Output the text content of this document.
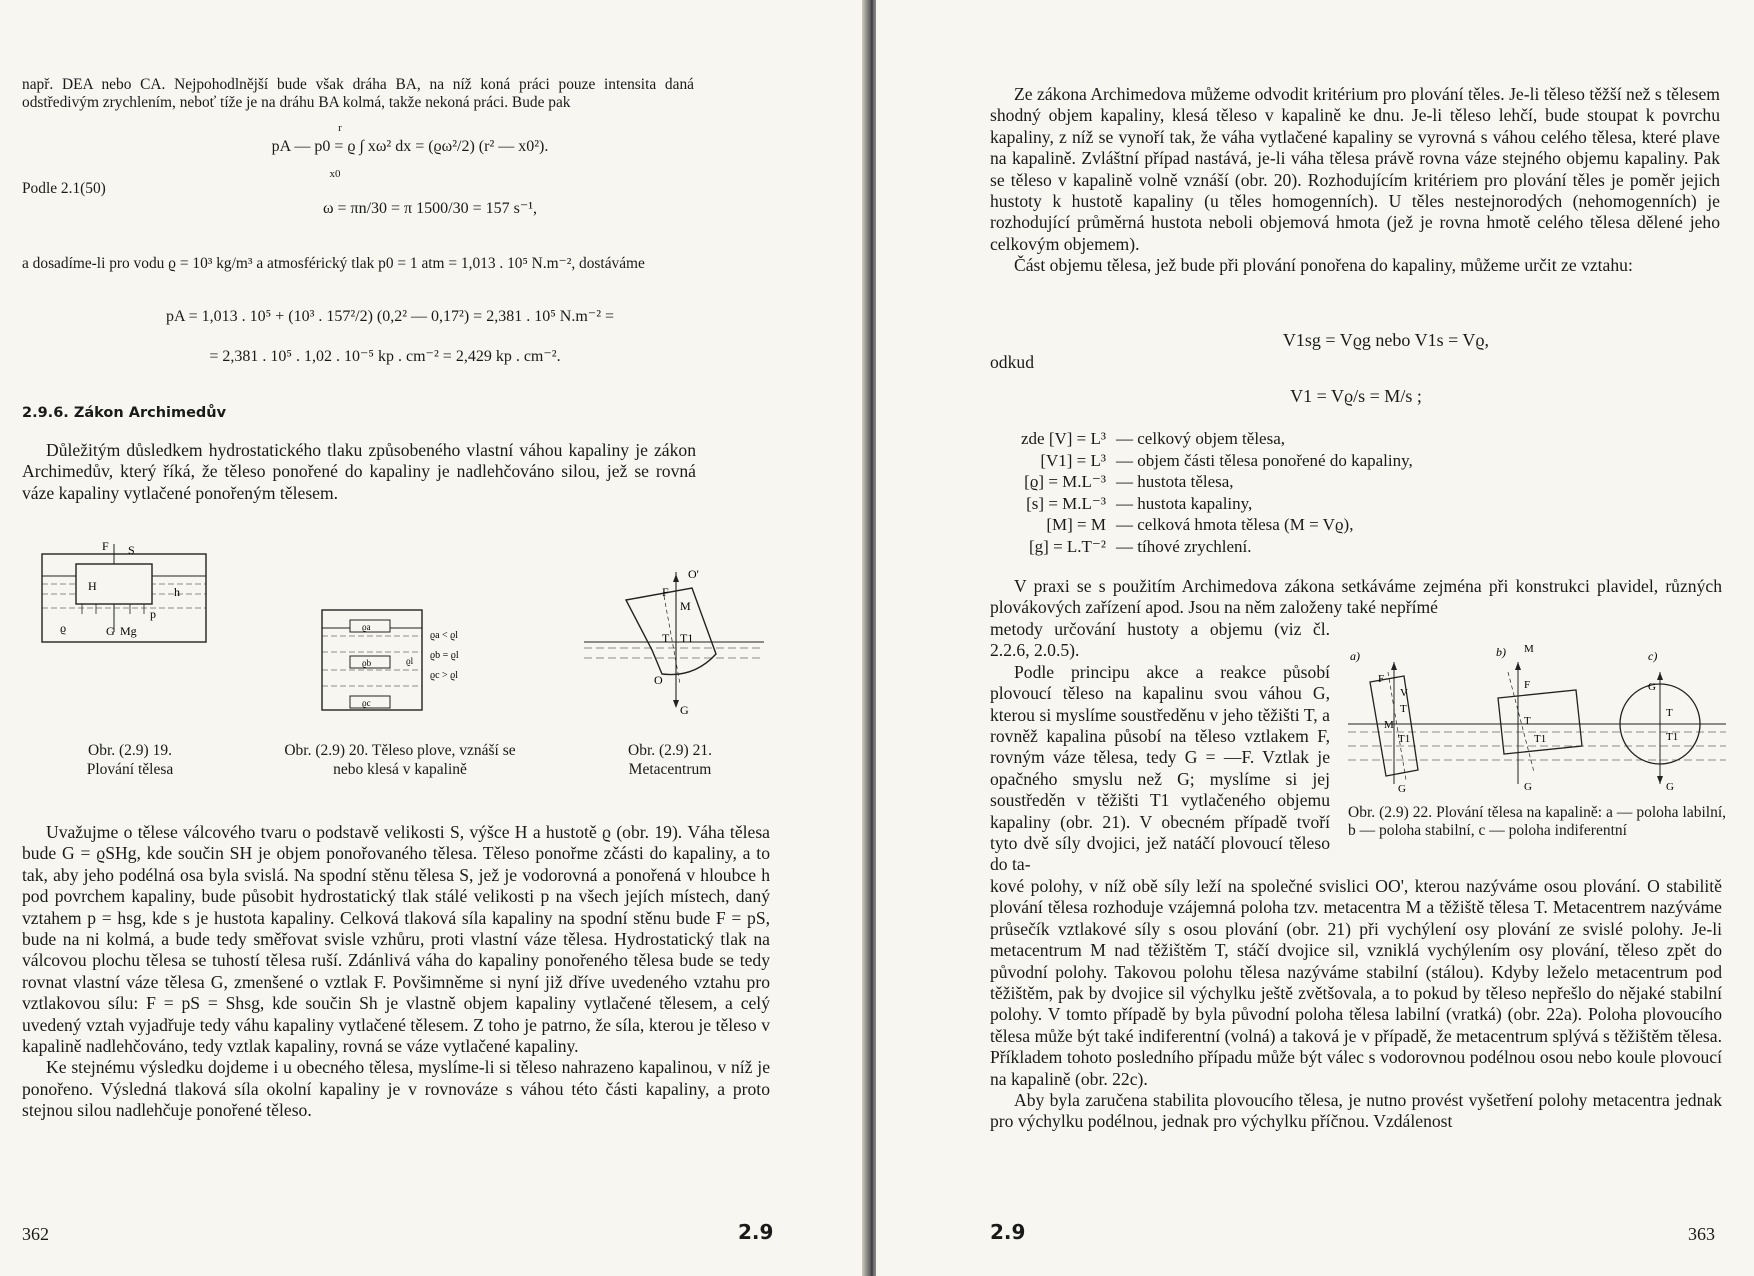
např. DEA nebo CA. Nejpohodlnější bude však dráha BA, na níž koná práci pouze intensita daná odstředivým zrychlením, neboť tíže je na dráhu BA kolmá, takže nekoná práci. Bude pak

pA — p0 = ϱ ∫ xω² dx = (ϱω²/2) (r² — x0²).
r
x0
Podle 2.1(50)
ω = πn/30 = π 1500/30 = 157 s⁻¹,

a dosadíme-li pro vodu ϱ = 10³ kg/m³ a atmosférický tlak p0 = 1 atm = 1,013 . 10⁵ N.m⁻², dostáváme

pA = 1,013 . 10⁵ + (10³ . 157²/2) (0,2² — 0,17²) = 2,381 . 10⁵ N.m⁻² =
= 2,381 . 10⁵ . 1,02 . 10⁻⁵ kp . cm⁻² = 2,429 kp . cm⁻².
2.9.6. Zákon Archimedův

Důležitým důsledkem hydrostatického tlaku způsobeného vlastní váhou kapaliny je zákon Archimedův, který říká, že těleso ponořené do kapaliny je nadlehčováno silou, jež se rovná váze kapaliny vytlačené ponořeným tělesem.

F S
H	h
p
ϱ	G Mg	ϱa
ϱb
ϱc
ϱl
ϱa < ϱl
ϱb = ϱl
ϱc > ϱl
O'
F
M
T T1
O
G
Obr. (2.9) 19.
Plování tělesa
Obr. (2.9) 20. Těleso plove, vznáší se
nebo klesá v kapalině
Obr. (2.9) 21.
Metacentrum

Uvažujme o tělese válcového tvaru o podstavě velikosti S, výšce H a hustotě ϱ (obr. 19). Váha tělesa bude G = ϱSHg, kde součin SH je objem ponořovaného tělesa. Těleso ponořme zčásti do kapaliny, a to tak, aby jeho podélná osa byla svislá. Na spodní stěnu tělesa S, jež je vodorovná a ponořená v hloubce h pod povrchem kapaliny, bude působit hydrostatický tlak stálé velikosti p na všech jejích místech, daný vztahem p = hsg, kde s je hustota kapaliny. Celková tlaková síla kapaliny na spodní stěnu bude F = pS, bude na ni kolmá, a bude tedy směřovat svisle vzhůru, proti vlastní váze tělesa. Hydrostatický tlak na válcovou plochu tělesa se tuhostí tělesa ruší. Zdánlivá váha do kapaliny ponořeného tělesa bude se tedy rovnat vlastní váze tělesa G, zmenšené o vztlak F. Povšimněme si nyní již dříve uvedeného vztahu pro vztlakovou sílu: F = pS = Shsg, kde součin Sh je vlastně objem kapaliny vytlačené tělesem, a celý uvedený vztah vyjadřuje tedy váhu kapaliny vytlačené tělesem. Z toho je patrno, že síla, kterou je těleso v kapalině nadlehčováno, tedy vztlak kapaliny, rovná se váze vytlačené kapaliny.

Ke stejnému výsledku dojdeme i u obecného tělesa, myslíme-li si těleso nahrazeno kapalinou, v níž je ponořeno. Výsledná tlaková síla okolní kapaliny je v rovnováze s váhou této části kapaliny, a proto stejnou silou nadlehčuje ponořené těleso.

362	2.9

Ze zákona Archimedova můžeme odvodit kritérium pro plování těles. Je-li těleso těžší než s tělesem shodný objem kapaliny, klesá těleso v kapalině ke dnu. Je-li těleso lehčí, bude stoupat k povrchu kapaliny, z níž se vynoří tak, že váha vytlačené kapaliny se vyrovná s váhou celého tělesa, které plave na kapalině. Zvláštní případ nastává, je-li váha tělesa právě rovna váze stejného objemu kapaliny. Pak se těleso v kapalině volně vznáší (obr. 20). Rozhodujícím kritériem pro plování těles je poměr jejich hustoty k hustotě kapaliny (u těles homogenních). U těles nestejnorodých (nehomogenních) je rozhodující průměrná hustota neboli objemová hmota (jež je rovna hmotě celého tělesa dělené jeho celkovým objemem).

Část objemu tělesa, jež bude při plování ponořena do kapaliny, můžeme určit ze vztahu:

V1sg = Vϱg nebo V1s = Vϱ,
odkud
V1 = Vϱ/s = M/s ;
zde [V] = L³ — celkový objem tělesa,
[V1] = L³ — objem části tělesa ponořené do kapaliny,
[ϱ] = M.L⁻³ — hustota tělesa,
[s] = M.L⁻³ — hustota kapaliny,
[M] = M — celková hmota tělesa (M = Vϱ),
[g] = L.T⁻² — tíhové zrychlení.

V praxi se s použitím Archimedova zákona setkáváme zejména při konstrukci plavidel, různých plovákových zařízení apod. Jsou na něm založeny také nepřímé

metody určování hustoty a objemu (viz čl. 2.2.6, 2.0.5).

Podle principu akce a reakce působí plovoucí těleso na kapalinu svou váhou G, kterou si myslíme soustředěnu v jeho těžišti T, a rovněž kapalina působí na těleso vztlakem F, rovným váze tělesa, tedy G = —F. Vztlak je opačného smyslu než G; myslíme si jej soustředěn v těžišti T1 vytlačeného objemu kapaliny (obr. 21). V obecném případě tvoří tyto dvě síly dvojici, jež natáčí plovoucí těleso do ta-

a)	b)	c)
F
V
M
T
T1
G
M
F
T
T1
G
G
T
T1
G
Obr. (2.9) 22. Plování tělesa na kapalině: a — poloha labilní, b — poloha stabilní, c — poloha indiferentní

kové polohy, v níž obě síly leží na společné svislici OO', kterou nazýváme osou plování. O stabilitě plování tělesa rozhoduje vzájemná poloha tzv. metacentra M a těžiště tělesa T. Metacentrem nazýváme průsečík vztlakové síly s osou plování (obr. 21) při vychýlení osy plování ze svislé polohy. Je-li metacentrum M nad těžištěm T, stáčí dvojice sil, vzniklá vychýlením osy plování, těleso zpět do původní polohy. Takovou polohu tělesa nazýváme stabilní (stálou). Kdyby leželo metacentrum pod těžištěm, pak by dvojice sil výchylku ještě zvětšovala, a to pokud by těleso nepřešlo do nějaké stabilní polohy. V tomto případě by byla původní poloha tělesa labilní (vratká) (obr. 22a). Poloha plovoucího tělesa může být také indiferentní (volná) a taková je v případě, že metacentrum splývá s těžištěm tělesa. Příkladem tohoto posledního případu může být válec s vodorovnou podélnou osou nebo koule plovoucí na kapalině (obr. 22c).

Aby byla zaručena stabilita plovoucího tělesa, je nutno provést vyšetření polohy metacentra jednak pro výchylku podélnou, jednak pro výchylku příčnou. Vzdálenost

2.9	363
